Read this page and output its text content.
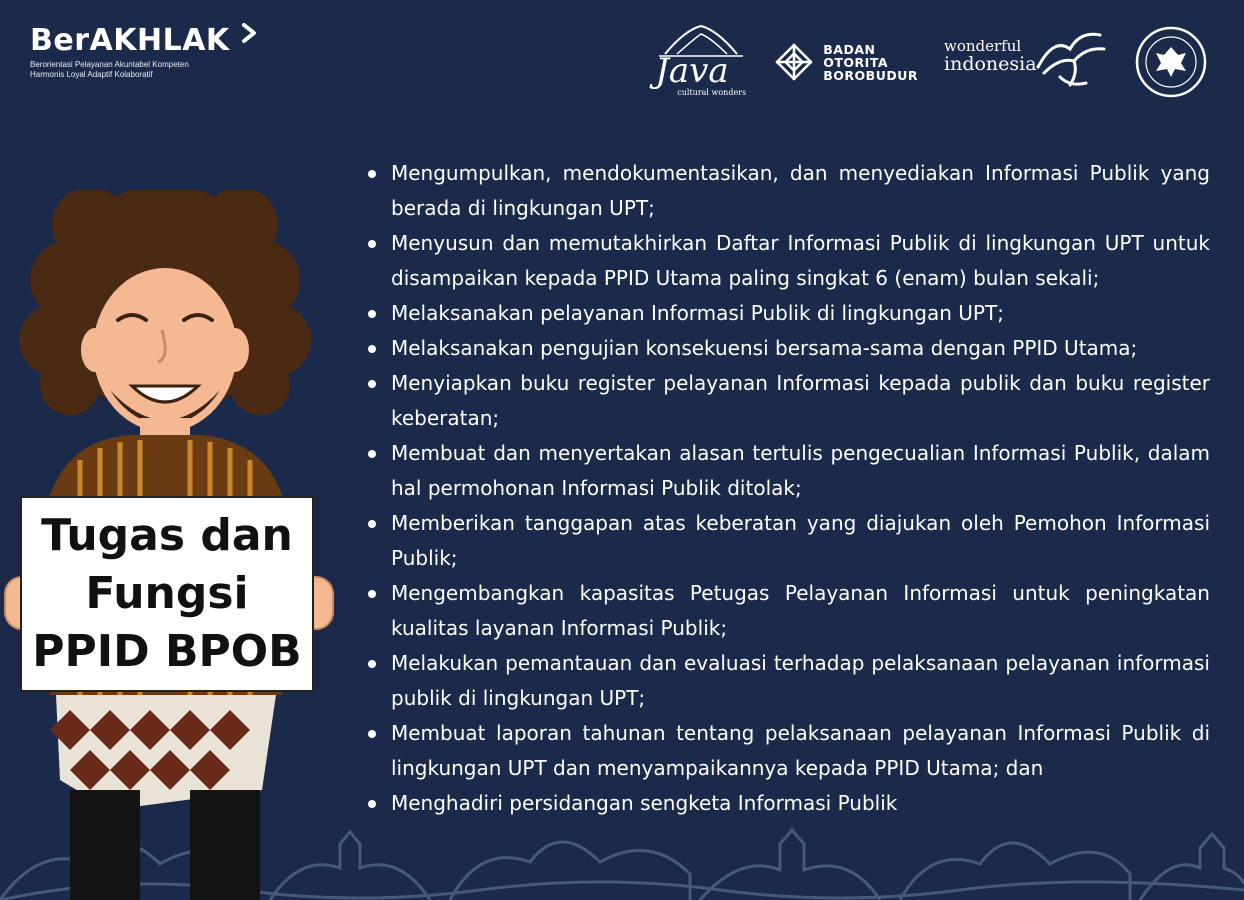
BerAKHLAK
Berorientasi Pelayanan Akuntabel Kompeten
Harmonis Loyal Adaptif Kolaboratif	Java
cultural wonders
BADAN
OTORITA
BOROBUDUR
wonderful
indonesia
Tugas dan
Fungsi
PPID BPOB
Mengumpulkan, mendokumentasikan, dan menyediakan Informasi Publik yang berada di lingkungan UPT;
Menyusun dan memutakhirkan Daftar Informasi Publik di lingkungan UPT untuk disampaikan kepada PPID Utama paling singkat 6 (enam) bulan sekali;
Melaksanakan pelayanan Informasi Publik di lingkungan UPT;
Melaksanakan pengujian konsekuensi bersama-sama dengan PPID Utama;
Menyiapkan buku register pelayanan Informasi kepada publik dan buku register keberatan;
Membuat dan menyertakan alasan tertulis pengecualian Informasi Publik, dalam hal permohonan Informasi Publik ditolak;
Memberikan tanggapan atas keberatan yang diajukan oleh Pemohon Informasi Publik;
Mengembangkan kapasitas Petugas Pelayanan Informasi untuk peningkatan kualitas layanan Informasi Publik;
Melakukan pemantauan dan evaluasi terhadap pelaksanaan pelayanan informasi publik di lingkungan UPT;
Membuat laporan tahunan tentang pelaksanaan pelayanan Informasi Publik di lingkungan UPT dan menyampaikannya kepada PPID Utama; dan
Menghadiri persidangan sengketa Informasi Publik
